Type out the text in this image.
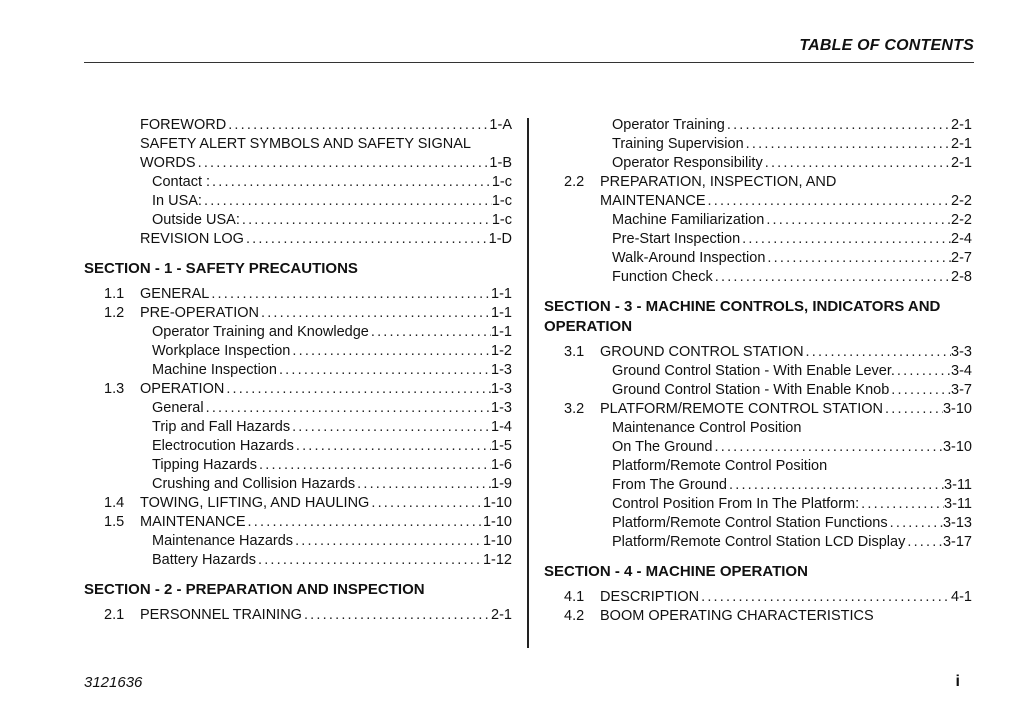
TABLE OF CONTENTS
FOREWORD .....	1-A
SAFETY ALERT SYMBOLS AND SAFETY SIGNAL
WORDS .....	1-B
Contact : .....	1-c
In USA: .....	1-c
Outside USA: .....	1-c
REVISION LOG .....	1-D
SECTION - 1 - SAFETY PRECAUTIONS
1.1	GENERAL .....	1-1
1.2	PRE-OPERATION .....	1-1
Operator Training and Knowledge .....	1-1
Workplace Inspection .....	1-2
Machine Inspection .....	1-3
1.3	OPERATION .....	1-3
General .....	1-3
Trip and Fall Hazards .....	1-4
Electrocution Hazards .....	1-5
Tipping Hazards .....	1-6
Crushing and Collision Hazards .....	1-9
1.4	TOWING, LIFTING, AND HAULING .....	1-10
1.5	MAINTENANCE .....	1-10
Maintenance Hazards .....	1-10
Battery Hazards .....	1-12
SECTION - 2 - PREPARATION AND INSPECTION
2.1	PERSONNEL TRAINING .....	2-1
Operator Training .....	2-1
Training Supervision .....	2-1
Operator Responsibility .....	2-1
2.2	PREPARATION, INSPECTION, AND
MAINTENANCE .....	2-2
Machine Familiarization .....	2-2
Pre-Start Inspection .....	2-4
Walk-Around Inspection .....	2-7
Function Check .....	2-8
SECTION - 3 - MACHINE CONTROLS, INDICATORS AND OPERATION
3.1	GROUND CONTROL STATION .....	3-3
Ground Control Station - With Enable Lever. .....	3-4
Ground Control Station - With Enable Knob .....	3-7
3.2	PLATFORM/REMOTE CONTROL STATION .....	3-10
Maintenance Control Position
On The Ground .....	3-10
Platform/Remote Control Position
From The Ground .....	3-11
Control Position From In The Platform: .....	3-11
Platform/Remote Control Station Functions .....	3-13
Platform/Remote Control Station LCD Display .....	3-17
SECTION - 4 - MACHINE OPERATION
4.1	DESCRIPTION .....	4-1
4.2	BOOM OPERATING CHARACTERISTICS
3121636	i
